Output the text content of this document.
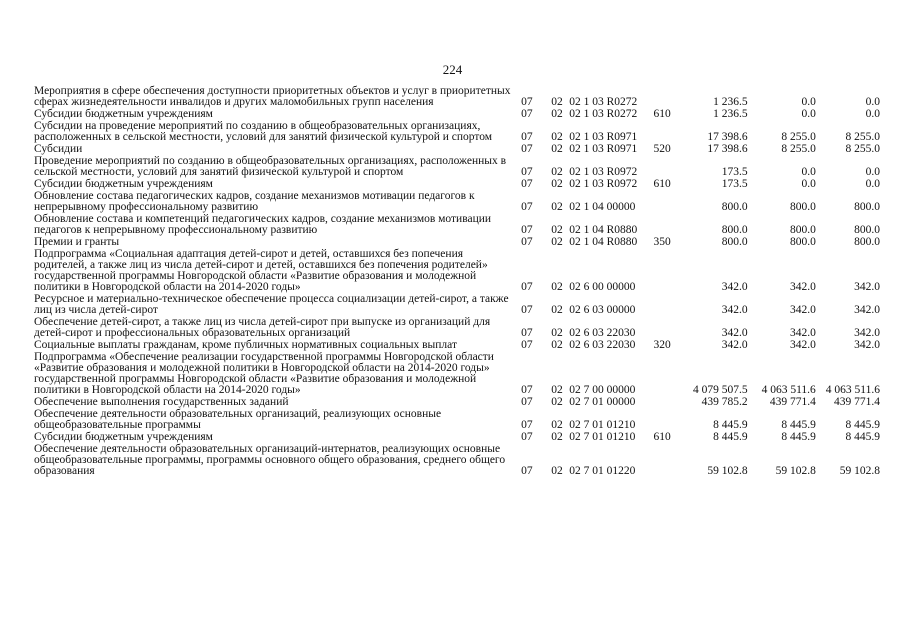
224
Мероприятия в сфере обеспечения доступности приоритетных объектов и услуг в приоритетных сферах жизнедеятельности инвалидов и других маломобильных групп населения	07	02	02 1 03 R0272		1 236.5	0.0	0.0
Субсидии бюджетным учреждениям	07	02	02 1 03 R0272	610	1 236.5	0.0	0.0
Субсидии на проведение мероприятий по созданию в общеобразовательных организациях, расположенных в сельской местности, условий для занятий физической культурой и спортом	07	02	02 1 03 R0971		17 398.6	8 255.0	8 255.0
Субсидии	07	02	02 1 03 R0971	520	17 398.6	8 255.0	8 255.0
Проведение мероприятий по созданию в общеобразовательных организациях, расположенных в сельской местности, условий для занятий физической культурой и спортом	07	02	02 1 03 R0972		173.5	0.0	0.0
Субсидии бюджетным учреждениям	07	02	02 1 03 R0972	610	173.5	0.0	0.0
Обновление состава педагогических кадров, создание механизмов мотивации педагогов к непрерывному профессиональному развитию	07	02	02 1 04 00000		800.0	800.0	800.0
Обновление состава и компетенций педагогических кадров, создание механизмов мотивации педагогов к непрерывному профессиональному развитию	07	02	02 1 04 R0880		800.0	800.0	800.0
Премии и гранты	07	02	02 1 04 R0880	350	800.0	800.0	800.0
Подпрограмма «Социальная адаптация детей-сирот и детей, оставшихся без попечения родителей, а также лиц из числа детей-сирот и детей, оставшихся без попечения родителей» государственной программы Новгородской области «Развитие образования и молодежной политики в Новгородской области на 2014-2020 годы»	07	02	02 6 00 00000		342.0	342.0	342.0
Ресурсное и материально-техническое обеспечение процесса социализации детей-сирот, а также лиц из числа детей-сирот	07	02	02 6 03 00000		342.0	342.0	342.0
Обеспечение детей-сирот, а также лиц из числа детей-сирот при выпуске из организаций для детей-сирот и профессиональных образовательных организаций	07	02	02 6 03 22030		342.0	342.0	342.0
Социальные выплаты гражданам, кроме публичных нормативных социальных выплат	07	02	02 6 03 22030	320	342.0	342.0	342.0
Подпрограмма «Обеспечение реализации государственной программы Новгородской области «Развитие образования и молодежной политики в Новгородской области на 2014-2020 годы» государственной программы Новгородской области «Развитие образования и молодежной политики в Новгородской области на 2014-2020 годы»	07	02	02 7 00 00000		4 079 507.5	4 063 511.6	4 063 511.6
Обеспечение выполнения государственных заданий	07	02	02 7 01 00000		439 785.2	439 771.4	439 771.4
Обеспечение деятельности образовательных организаций, реализующих основные общеобразовательные программы	07	02	02 7 01 01210		8 445.9	8 445.9	8 445.9
Субсидии бюджетным учреждениям	07	02	02 7 01 01210	610	8 445.9	8 445.9	8 445.9
Обеспечение деятельности образовательных организаций-интернатов, реализующих основные общеобразовательные программы, программы основного общего образования, среднего общего образования	07	02	02 7 01 01220		59 102.8	59 102.8	59 102.8
